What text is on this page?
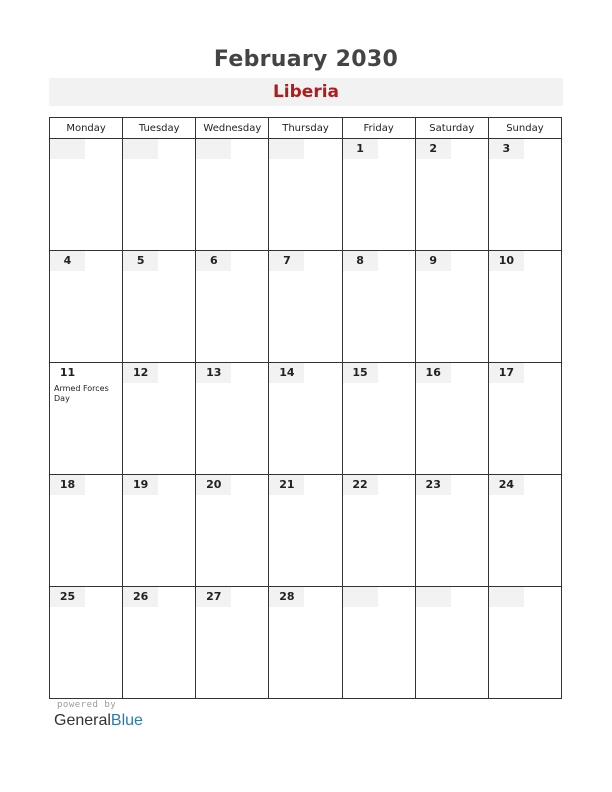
February 2030
Liberia
Monday	Tuesday	Wednesday	Thursday	Friday	Saturday	Sunday

				1	2	3

4	5	6	7	8	9	10

11
Armed Forces Day	12	13	14	15	16	17

18	19	20	21	22	23	24

25	26	27	28			

powered by
GeneralBlue
